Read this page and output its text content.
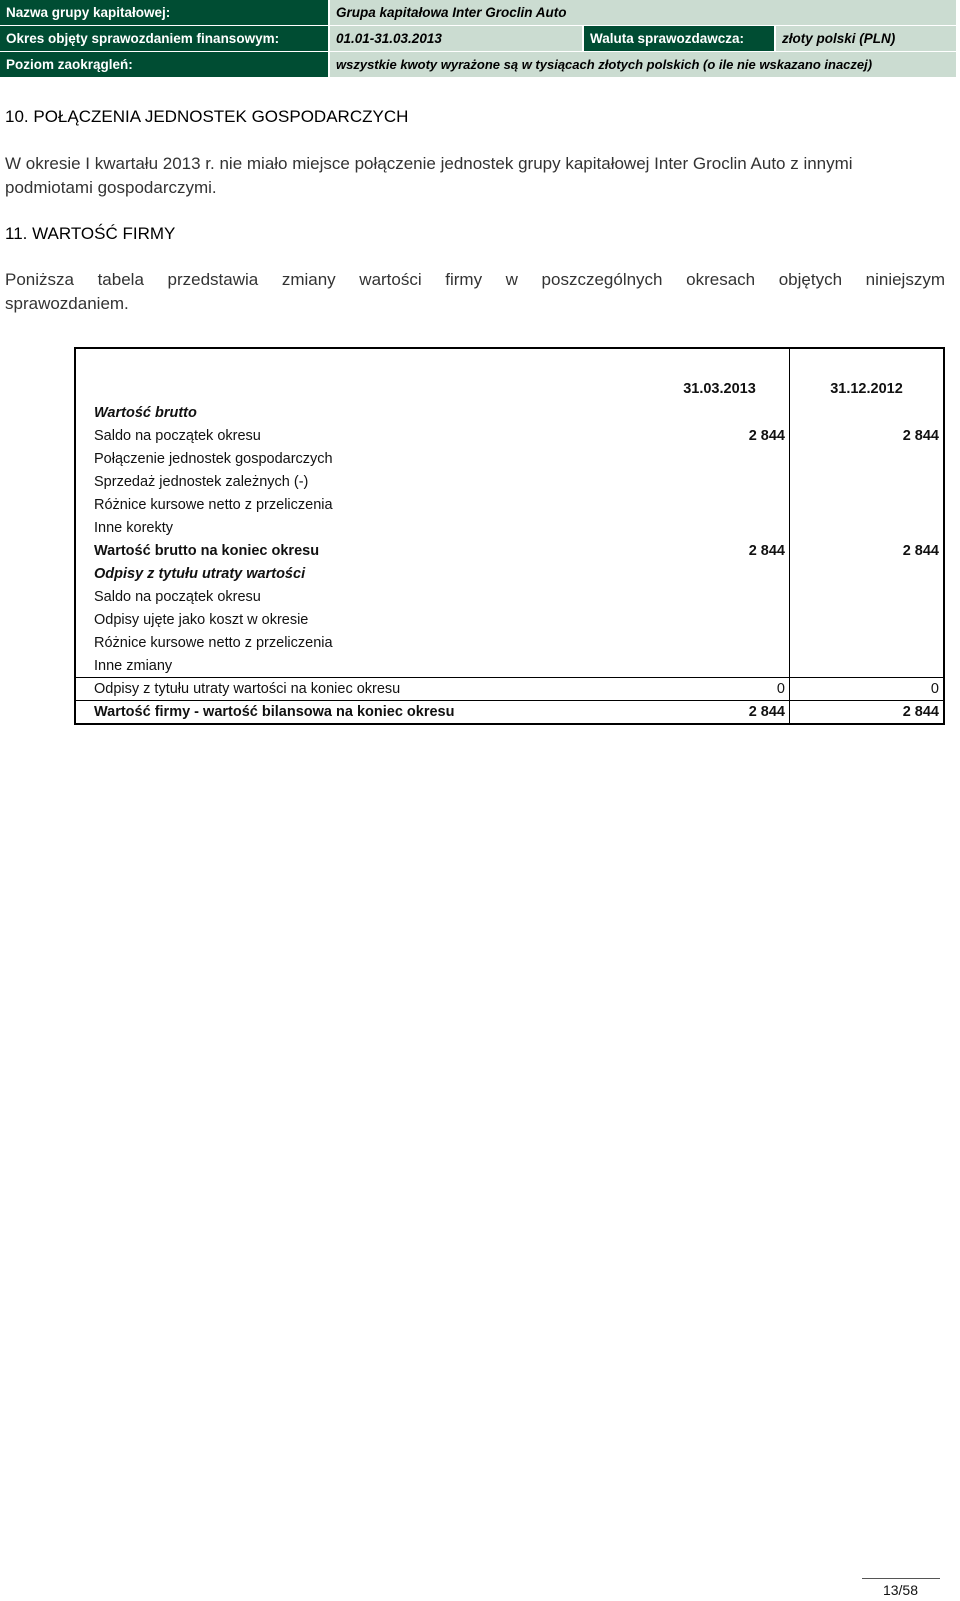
Nazwa grupy kapitałowej:	Grupa kapitałowa Inter Groclin Auto
Okres objęty sprawozdaniem finansowym:	01.01-31.03.2013	Waluta sprawozdawcza:	złoty polski (PLN)
Poziom zaokrągleń:	wszystkie kwoty wyrażone są w tysiącach złotych polskich (o ile nie wskazano inaczej)
10. POŁĄCZENIA JEDNOSTEK GOSPODARCZYCH
W okresie I kwartału 2013 r. nie miało miejsce połączenie jednostek grupy kapitałowej Inter Groclin Auto z innymi podmiotami gospodarczymi.
11. WARTOŚĆ FIRMY
Poniższa tabela przedstawia zmiany wartości firmy w poszczególnych okresach objętych niniejszym
sprawozdaniem.
	31.03.2013	31.12.2012
Wartość brutto		
Saldo na początek okresu	2 844	2 844
Połączenie jednostek gospodarczych		
Sprzedaż jednostek zależnych (-)		
Różnice kursowe netto z przeliczenia		
Inne korekty		
Wartość brutto na koniec okresu	2 844	2 844
Odpisy z tytułu utraty wartości		
Saldo na początek okresu		
Odpisy ujęte jako koszt w okresie		
Różnice kursowe netto z przeliczenia		
Inne zmiany		
Odpisy z tytułu utraty wartości na koniec okresu	0	0
Wartość firmy - wartość bilansowa na koniec okresu	2 844	2 844
13/58
